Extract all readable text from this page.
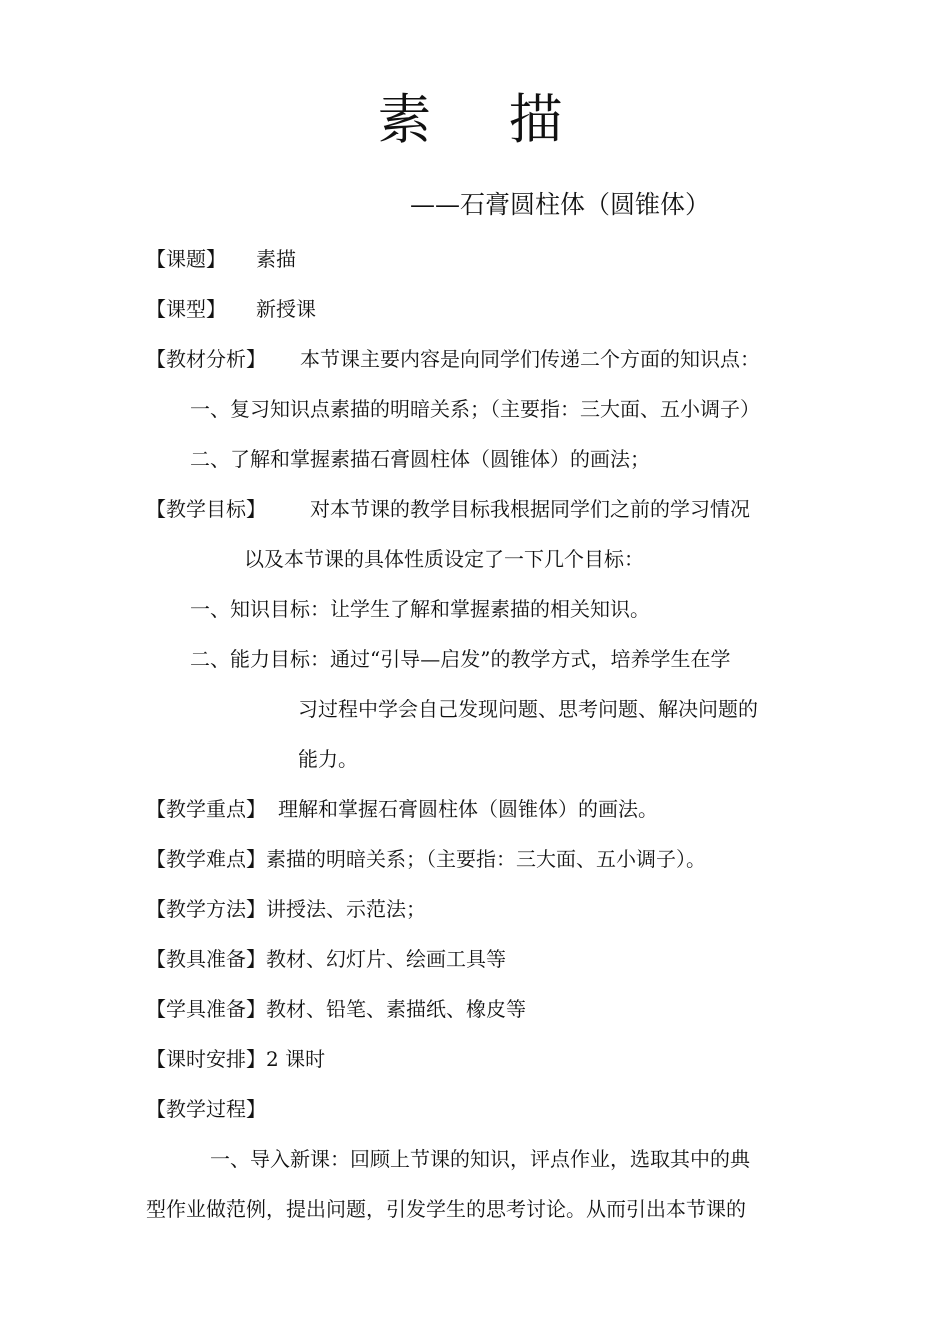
素 描
——石膏圆柱体（圆锥体）
【课题】 素描
【课型】 新授课
【教材分析】 本节课主要内容是向同学们传递二个方面的知识点：
一、复习知识点素描的明暗关系；（主要指：三大面、五小调子）
二、了解和掌握素描石膏圆柱体（圆锥体）的画法；
【教学目标】 对本节课的教学目标我根据同学们之前的学习情况
以及本节课的具体性质设定了一下几个目标：
一、知识目标：让学生了解和掌握素描的相关知识。
二、能力目标：通过“引导—启发”的教学方式，培养学生在学
习过程中学会自己发现问题、思考问题、解决问题的
能力。
【教学重点】 理解和掌握石膏圆柱体（圆锥体）的画法。
【教学难点】素描的明暗关系；（主要指：三大面、五小调子）。
【教学方法】讲授法、示范法；
【教具准备】教材、幻灯片、绘画工具等
【学具准备】教材、铅笔、素描纸、橡皮等
【课时安排】2 课时
【教学过程】
一、导入新课：回顾上节课的知识，评点作业，选取其中的典
型作业做范例，提出问题，引发学生的思考讨论。从而引出本节课的
